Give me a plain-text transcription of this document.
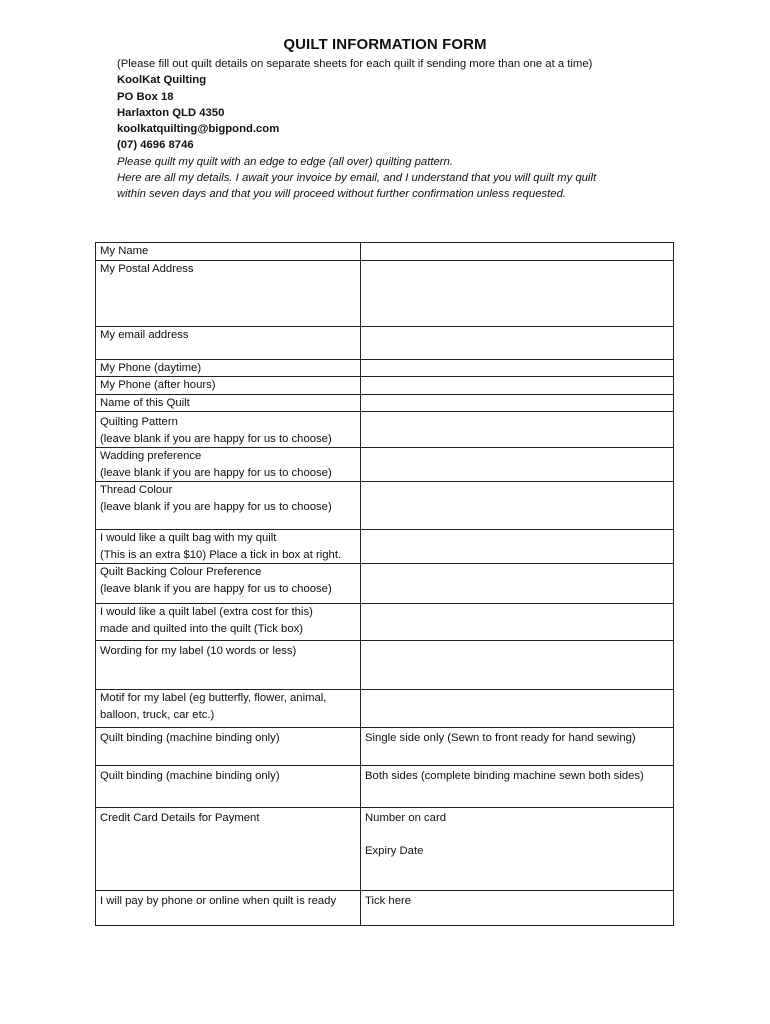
QUILT INFORMATION FORM
(Please fill out quilt details on separate sheets for each quilt if sending more than one at a time)
KoolKat Quilting
PO Box 18
Harlaxton QLD 4350
koolkatquilting@bigpond.com
(07) 4696 8746
Please quilt my quilt with an edge to edge (all over) quilting pattern.
Here are all my details. I await your invoice by email, and I understand that you will quilt my quilt
within seven days and that you will proceed without further confirmation unless requested.
My Name	
My Postal Address	
My email address	
My Phone (daytime)	
My Phone (after hours)	
Name of this Quilt	

Quilting Pattern
(leave blank if you are happy for us to choose)	

Wadding preference
(leave blank if you are happy for us to choose)	

Thread Colour
(leave blank if you are happy for us to choose)	

I would like a quilt bag with my quilt
(This is an extra $10) Place a tick in box at right.	

Quilt Backing Colour Preference
(leave blank if you are happy for us to choose)	

I would like a quilt label (extra cost for this)
made and quilted into the quilt (Tick box)	

Wording for my label (10 words or less)	

Motif for my label (eg butterfly, flower, animal,
balloon, truck, car etc.)	

Quilt binding (machine binding only)	Single side only (Sewn to front ready for hand sewing)
Quilt binding (machine binding only)	Both sides (complete binding machine sewn both sides)
Credit Card Details for Payment	Number on card
Expiry Date

I will pay by phone or online when quilt is ready	Tick here
